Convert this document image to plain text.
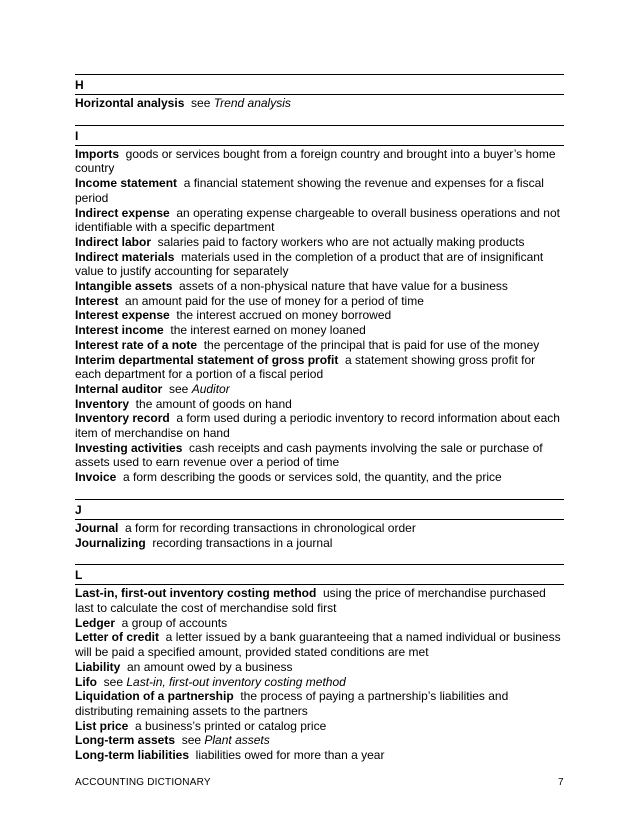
H
Horizontal analysis  see Trend analysis
I
Imports  goods or services bought from a foreign country and brought into a buyer’s home country
Income statement  a financial statement showing the revenue and expenses for a fiscal period
Indirect expense  an operating expense chargeable to overall business operations and not identifiable with a specific department
Indirect labor  salaries paid to factory workers who are not actually making products
Indirect materials  materials used in the completion of a product that are of insignificant value to justify accounting for separately
Intangible assets  assets of a non-physical nature that have value for a business
Interest  an amount paid for the use of money for a period of time
Interest expense  the interest accrued on money borrowed
Interest income  the interest earned on money loaned
Interest rate of a note  the percentage of the principal that is paid for use of the money
Interim departmental statement of gross profit  a statement showing gross profit for each department for a portion of a fiscal period
Internal auditor  see Auditor
Inventory  the amount of goods on hand
Inventory record  a form used during a periodic inventory to record information about each item of merchandise on hand
Investing activities  cash receipts and cash payments involving the sale or purchase of assets used to earn revenue over a period of time
Invoice  a form describing the goods or services sold, the quantity, and the price
J
Journal  a form for recording transactions in chronological order
Journalizing  recording transactions in a journal
L
Last-in, first-out inventory costing method  using the price of merchandise purchased last to calculate the cost of merchandise sold first
Ledger  a group of accounts
Letter of credit  a letter issued by a bank guaranteeing that a named individual or business will be paid a specified amount, provided stated conditions are met
Liability  an amount owed by a business
Lifo  see Last-in, first-out inventory costing method
Liquidation of a partnership  the process of paying a partnership’s liabilities and distributing remaining assets to the partners
List price  a business’s printed or catalog price
Long-term assets  see Plant assets
Long-term liabilities  liabilities owed for more than a year
ACCOUNTING DICTIONARY	7
